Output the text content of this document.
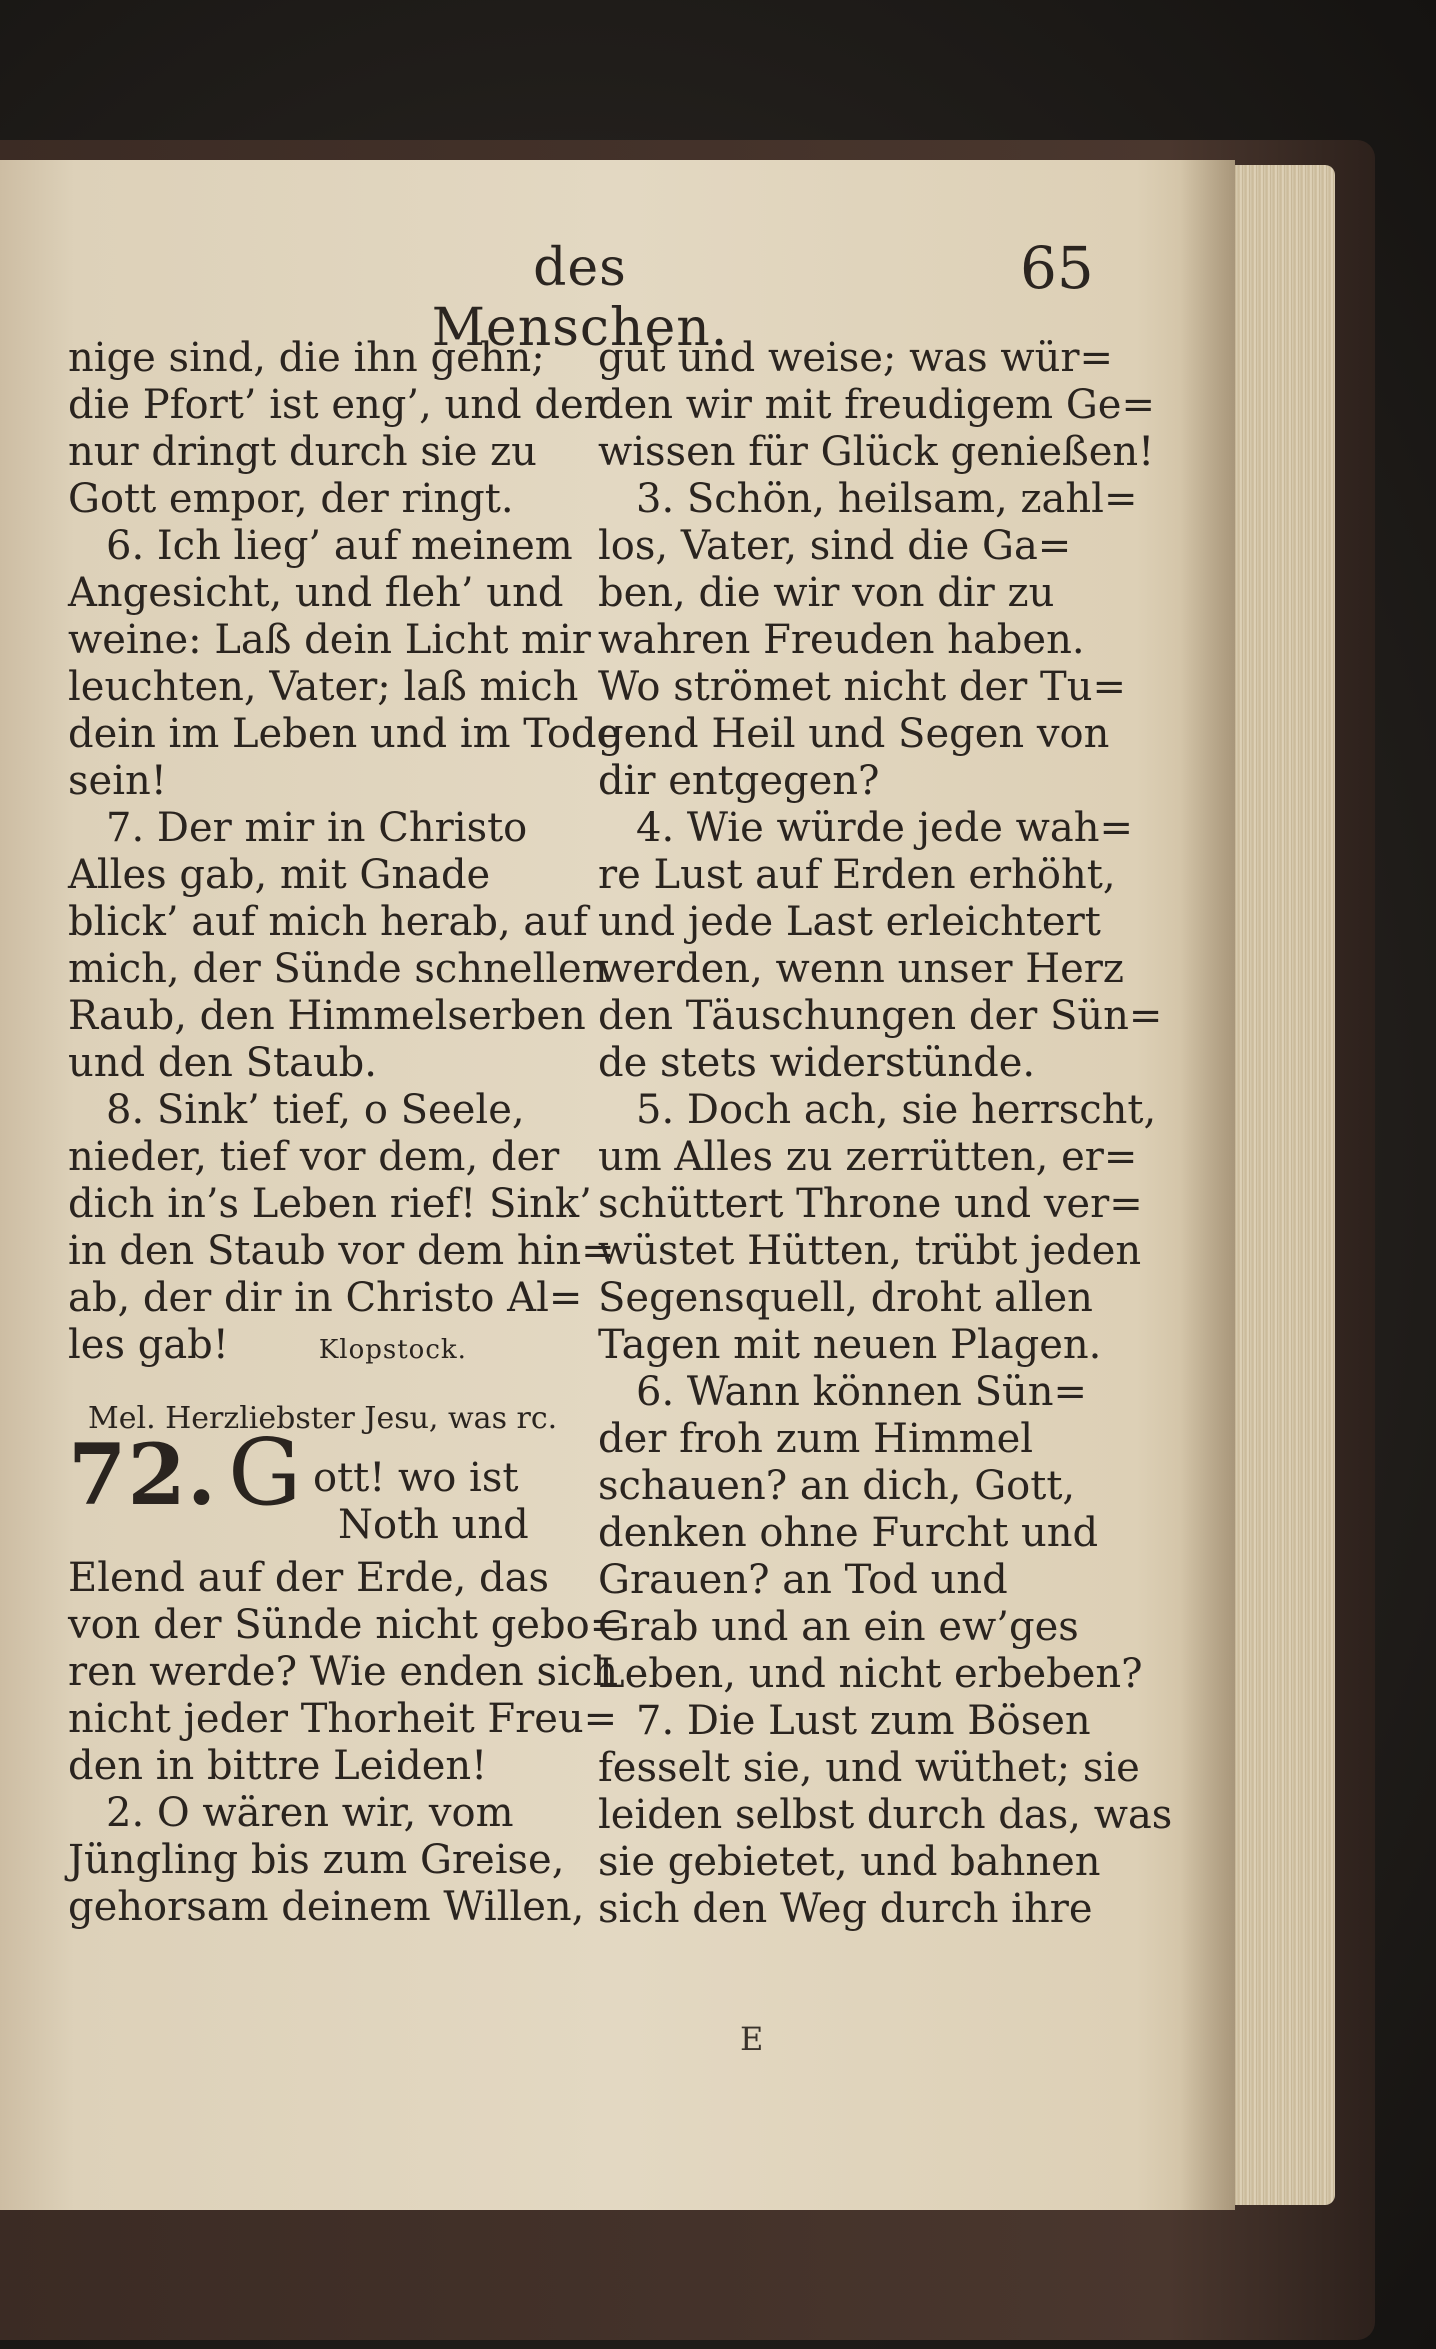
des Menschen.
65
nige sind, die ihn gehn;
die Pfort’ ist eng’, und der
nur dringt durch sie zu
Gott empor, der ringt.
6. Ich lieg’ auf meinem
Angesicht, und fleh’ und
weine: Laß dein Licht mir
leuchten, Vater; laß mich
dein im Leben und im Tode
sein!
7. Der mir in Christo
Alles gab, mit Gnade
blick’ auf mich herab, auf
mich, der Sünde schnellen
Raub, den Himmelserben
und den Staub.
8. Sink’ tief, o Seele,
nieder, tief vor dem, der
dich in’s Leben rief! Sink’
in den Staub vor dem hin=
ab, der dir in Christo Al=
les gab!	Klopstock.
Mel. Herzliebster Jesu, was rc.
72. G ott! wo ist
Noth und
Elend auf der Erde, das
von der Sünde nicht gebo=
ren werde? Wie enden sich
nicht jeder Thorheit Freu=
den in bittre Leiden!
2. O wären wir, vom
Jüngling bis zum Greise,
gehorsam deinem Willen,
gut und weise; was wür=
den wir mit freudigem Ge=
wissen für Glück genießen!
3. Schön, heilsam, zahl=
los, Vater, sind die Ga=
ben, die wir von dir zu
wahren Freuden haben.
Wo strömet nicht der Tu=
gend Heil und Segen von
dir entgegen?
4. Wie würde jede wah=
re Lust auf Erden erhöht,
und jede Last erleichtert
werden, wenn unser Herz
den Täuschungen der Sün=
de stets widerstünde.
5. Doch ach, sie herrscht,
um Alles zu zerrütten, er=
schüttert Throne und ver=
wüstet Hütten, trübt jeden
Segensquell, droht allen
Tagen mit neuen Plagen.
6. Wann können Sün=
der froh zum Himmel
schauen? an dich, Gott,
denken ohne Furcht und
Grauen? an Tod und
Grab und an ein ew’ges
Leben, und nicht erbeben?
7. Die Lust zum Bösen
fesselt sie, und wüthet; sie
leiden selbst durch das, was
sie gebietet, und bahnen
sich den Weg durch ihre
E
